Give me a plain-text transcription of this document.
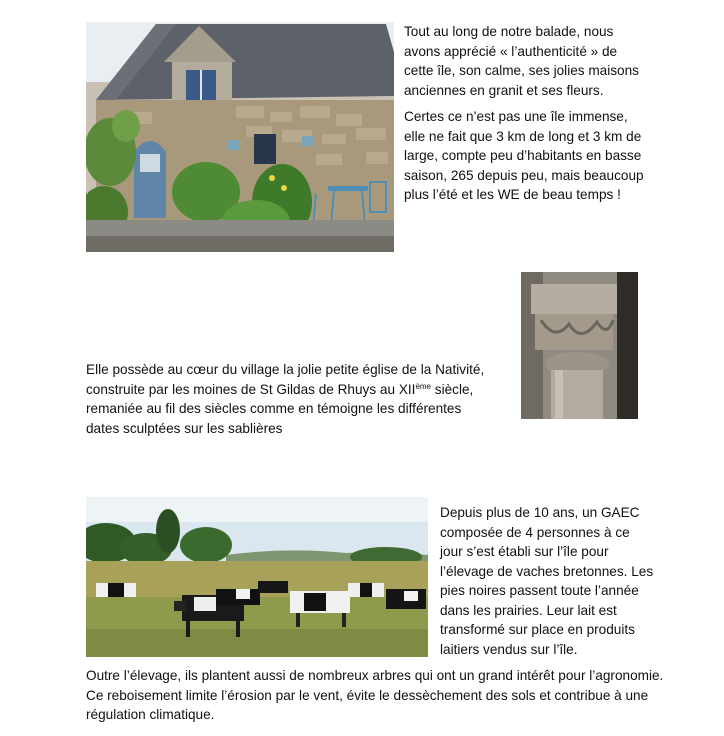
Tout au long de notre balade, nous avons apprécié « l’authenticité » de cette île, son calme, ses jolies maisons anciennes en granit et ses fleurs.

Certes ce n’est pas une île immense, elle ne fait que 3 km de long et 3 km de large, compte peu d’habitants en basse saison, 265 depuis peu, mais beaucoup plus l’été et les WE de beau temps !

Elle possède au cœur du village la jolie petite église de la Nativité, construite par les moines de St Gildas de Rhuys au XIIème siècle, remaniée au fil des siècles comme en témoigne les différentes dates sculptées sur les sablières

Depuis plus de 10 ans, un GAEC composée de 4 personnes à ce jour s’est établi sur l’île pour l’élevage de vaches bretonnes. Les pies noires passent toute l’année dans les prairies. Leur lait est transformé sur place en produits laitiers vendus sur l’île.

Outre l’élevage, ils plantent aussi de nombreux arbres qui ont un grand intérêt pour l’agronomie. Ce reboisement limite l’érosion par le vent, évite le dessèchement des sols et contribue à une régulation climatique.
